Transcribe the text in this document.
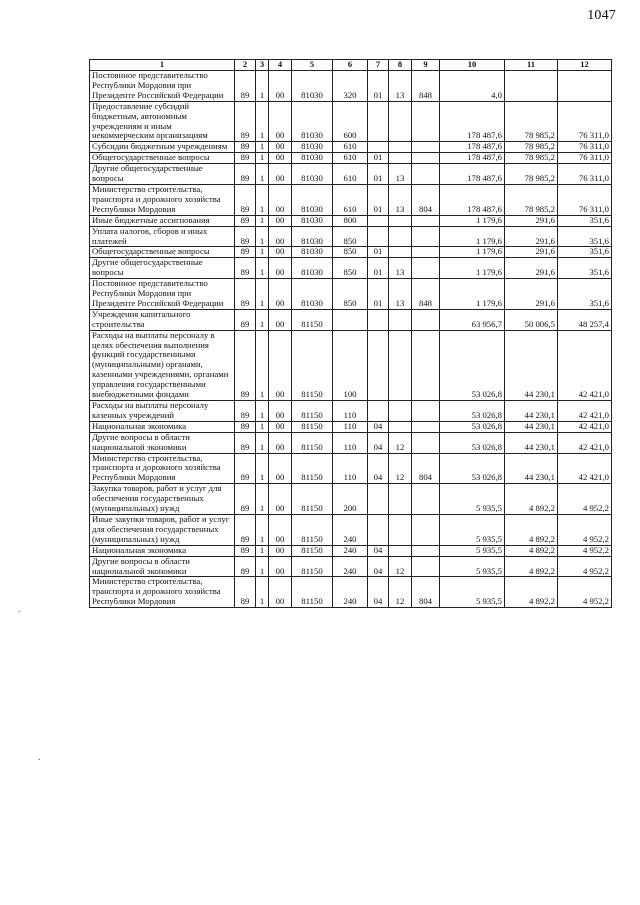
1047
1	2	3	4	5	6	7	8	9	10	11	12
Постоянное представительство Республики Мордовия при Президенте Российской Федерации	89	1	00	81030	320	01	13	848	4,0		
Предоставление субсидий бюджетным, автономным учреждениям и иным некоммерческим организациям	89	1	00	81030	600				178 487,6	78 985,2	76 311,0
Субсидии бюджетным учреждениям	89	1	00	81030	610				178 487,6	78 985,2	76 311,0
Общегосударственные вопросы	89	1	00	81030	610	01			178 487,6	78 985,2	76 311,0
Другие общегосударственные вопросы	89	1	00	81030	610	01	13		178 487,6	78 985,2	76 311,0
Министерство строительства, транспорта и дорожного хозяйства Республики Мордовия	89	1	00	81030	610	01	13	804	178 487,6	78 985,2	76 311,0
Иные бюджетные ассигнования	89	1	00	81030	800				1 179,6	291,6	351,6
Уплата налогов, сборов и иных платежей	89	1	00	81030	850				1 179,6	291,6	351,6
Общегосударственные вопросы	89	1	00	81030	850	01			1 179,6	291,6	351,6
Другие общегосударственные вопросы	89	1	00	81030	850	01	13		1 179,6	291,6	351,6
Постоянное представительство Республики Мордовия при Президенте Российской Федерации	89	1	00	81030	850	01	13	848	1 179,6	291,6	351,6
Учреждения капитального строительства	89	1	00	81150					63 956,7	50 006,5	48 257,4
Расходы на выплаты персоналу в целях обеспечения выполнения функций государственными (муниципальными) органами, казенными учреждениями, органами управления государственными внебюджетными фондами	89	1	00	81150	100				53 026,8	44 230,1	42 421,0
Расходы на выплаты персоналу казенных учреждений	89	1	00	81150	110				53 026,8	44 230,1	42 421,0
Национальная экономика	89	1	00	81150	110	04			53 026,8	44 230,1	42 421,0
Другие вопросы в области национальной экономики	89	1	00	81150	110	04	12		53 026,8	44 230,1	42 421,0
Министерство строительства, транспорта и дорожного хозяйства Республики Мордовия	89	1	00	81150	110	04	12	804	53 026,8	44 230,1	42 421,0
Закупка товаров, работ и услуг для обеспечения государственных (муниципальных) нужд	89	1	00	81150	200				5 935,5	4 892,2	4 952,2
Иные закупки товаров, работ и услуг для обеспечения государственных (муниципальных) нужд	89	1	00	81150	240				5 935,5	4 892,2	4 952,2
Национальная экономика	89	1	00	81150	240	04			5 935,5	4 892,2	4 952,2
Другие вопросы в области национальной экономики	89	1	00	81150	240	04	12		5 935,5	4 892,2	4 952,2
Министерство строительства, транспорта и дорожного хозяйства Республики Мордовия	89	1	00	81150	240	04	12	804	5 935,5	4 892,2	4 952,2
.
.
